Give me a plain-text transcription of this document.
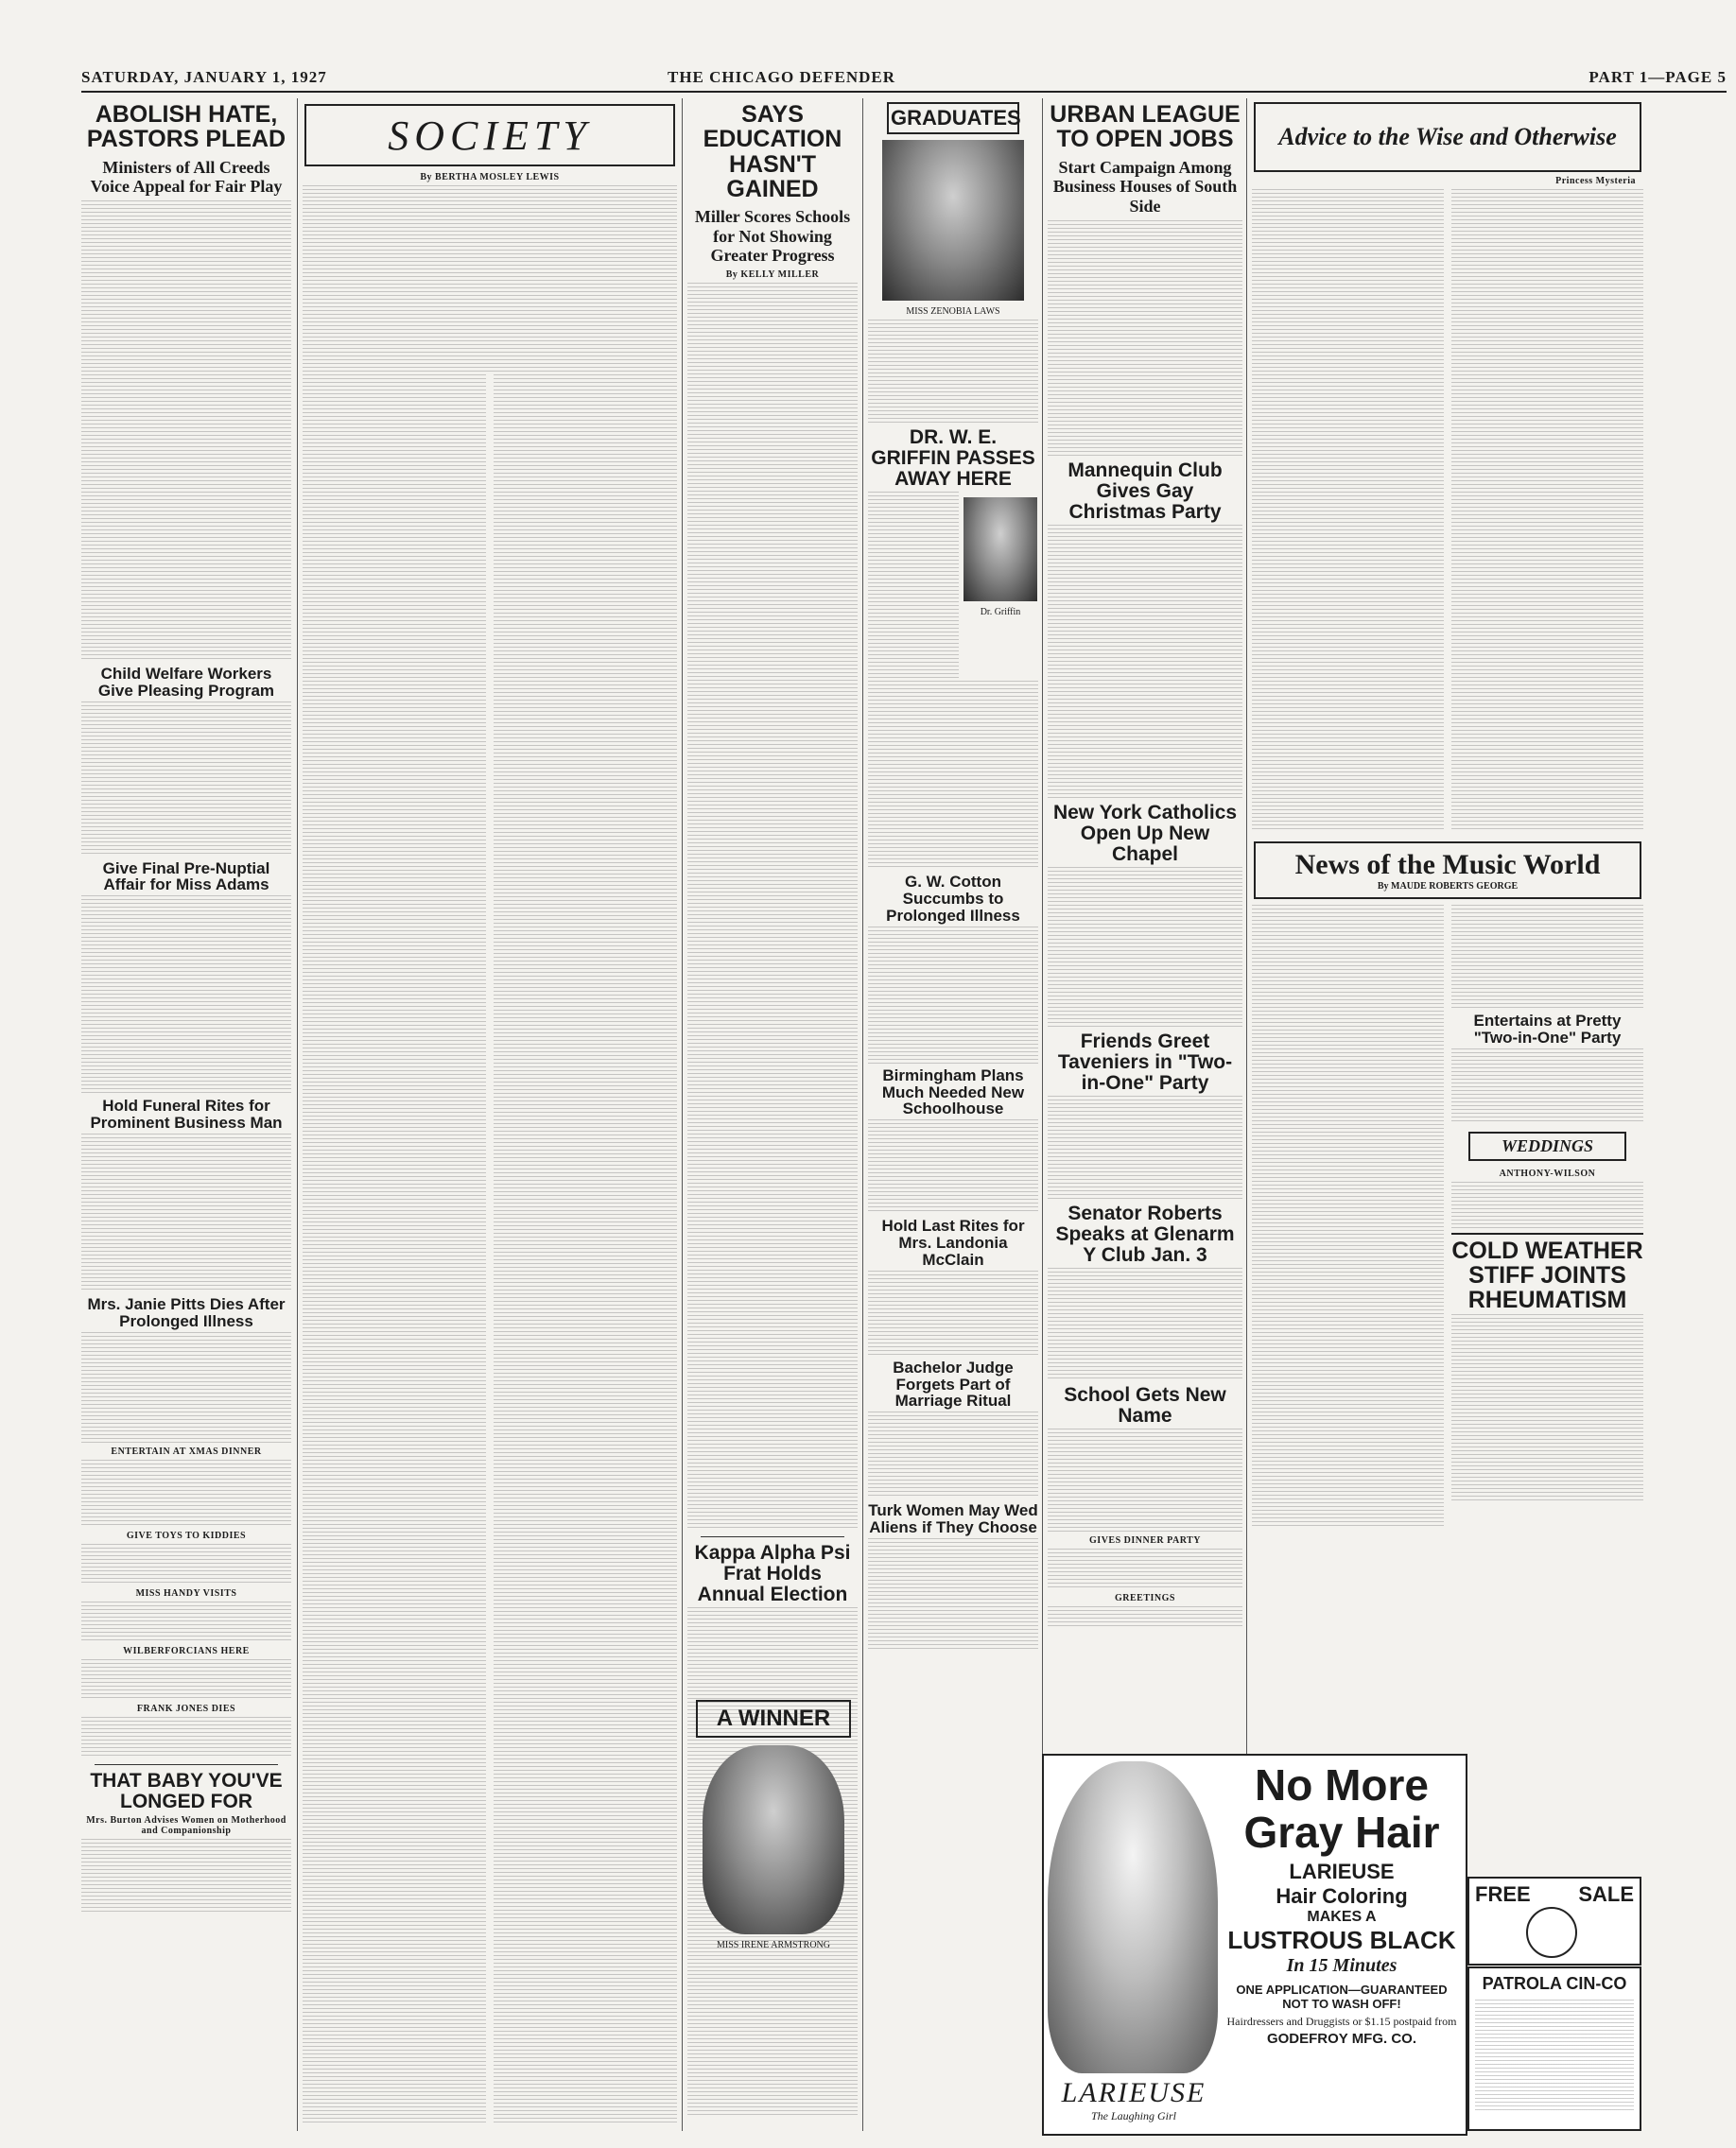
SATURDAY, JANUARY 1, 1927	THE CHICAGO DEFENDER	PART 1—PAGE 5
ABOLISH HATE, PASTORS PLEAD
Ministers of All Creeds Voice Appeal for Fair Play
Child Welfare Workers Give Pleasing Program
Give Final Pre-Nuptial Affair for Miss Adams
Hold Funeral Rites for Prominent Business Man
Mrs. Janie Pitts Dies After Prolonged Illness
ENTERTAIN AT XMAS DINNER
GIVE TOYS TO KIDDIES
MISS HANDY VISITS
WILBERFORCIANS HERE
FRANK JONES DIES
THAT BABY YOU'VE LONGED FOR
Mrs. Burton Advises Women on Motherhood and Companionship
SOCIETY
By BERTHA MOSLEY LEWIS
SAYS EDUCATION HASN'T GAINED
Miller Scores Schools for Not Showing Greater Progress
By KELLY MILLER
Kappa Alpha Psi Frat Holds Annual Election
GRADUATES
MISS ZENOBIA LAWS
DR. W. E. GRIFFIN PASSES AWAY HERE
Dr. Griffin
G. W. Cotton Succumbs to Prolonged Illness
Birmingham Plans Much Needed New Schoolhouse
Hold Last Rites for Mrs. Landonia McClain
Bachelor Judge Forgets Part of Marriage Ritual
Turk Women May Wed Aliens if They Choose
A WINNER
MISS IRENE ARMSTRONG
URBAN LEAGUE TO OPEN JOBS
Start Campaign Among Business Houses of South Side
Mannequin Club Gives Gay Christmas Party
New York Catholics Open Up New Chapel
Friends Greet Taveniers in "Two-in-One" Party
Senator Roberts Speaks at Glenarm Y Club Jan. 3
School Gets New Name
GIVES DINNER PARTY
GREETINGS
Advice to the Wise and Otherwise
Princess Mysteria
News of the Music World
By MAUDE ROBERTS GEORGE
Entertains at Pretty "Two-in-One" Party
WEDDINGS
ANTHONY-WILSON
COLD WEATHER STIFF JOINTS RHEUMATISM
LARIEUSE
The Laughing Girl
No More
Gray Hair
LARIEUSE
Hair Coloring
MAKES A
LUSTROUS BLACK
In 15 Minutes
ONE APPLICATION—GUARANTEED NOT TO WASH OFF!
Hairdressers and Druggists or $1.15 postpaid from
GODEFROY MFG. CO.
FREE SALE
PATROLA CIN-CO
